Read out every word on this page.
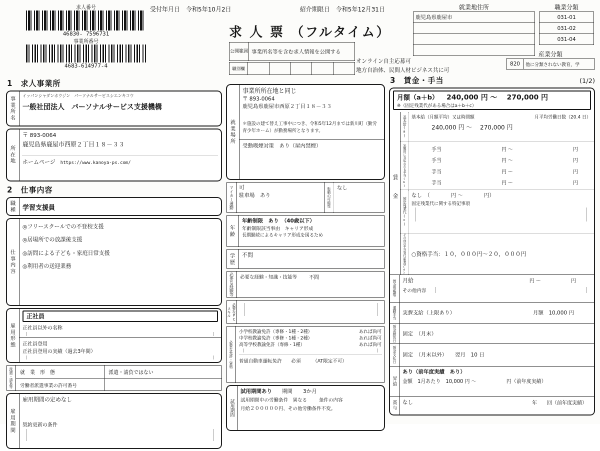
求人番号
46830- 7596731
事業所番号
4683-614977-4
受付年月日　 令和5年10月2日	紹介期限日　 令和5年12月31日
求 人 票 （フルタイム）
公開範囲 事業所名等を含む求人情報を公開する
職別欄
オンライン自主応募可
地方自治体、民間人材ビジネス共に可
就業地住所
鹿児島県鹿屋市

職業分類
031-01
031-02
031-04
産業分類
820 他に分類されない教育，学
1　求人事業所
事業所名
イッパンシャダンホウジン　パーソナルサービスシエンキコウ
一般社団法人　パーソナルサービス支援機構
所在地
〒 893-0064
鹿児島県鹿屋市西原２丁目１８－３３
ホームページ https://www.kanoya-ps.com/
2　仕事内容
職種 学習支援員
仕事内容
◎フリースクールでの不登校支援
◎居場所での放課後支援
◎訪問による子ども・家庭日常支援
◎利用者の送迎業務
雇用形態
正社員
正社員以外の名称
正社員登用
正社員登用の実績（過去3年間）
派遣・請負等 就　業　形　態	派遣・請負ではない
労働者派遣事業の許可番号
雇用期間
雇用期間の定めなし
契約更新の条件
就業場所
事業所所在地と同じ
〒 893-0064
鹿児島県鹿屋市西原２丁目１８－３３
＊施設の建て替え工事中につき、令和5年12月までは新川町（勤労青少年ホーム）が勤務場所となります。
受動喫煙対策　あり（屋内禁煙）
マイカー通勤 可
駐車場　あり	転勤の可能性 なし
年齢
年齢制限　あり　（40歳以下）
年齢制限該当事由　キャリア形成
長期勤続によるキャリア形成を図るため
学歴 不問
必要な経験等 必要な経験・知識・技能等 不問
必要なPCスキル
必要な免許・資格
小学校教諭免許（専修・1種・2種）	あれば尚可
中学校教諭免許（専修・1種・2種）	あれば尚可
高等学校教諭免許（専修・1種）	あれば尚可
普通自動車運転免許　　必須　　　（AT限定不可）
試用期間
試用期間あり 期間　　3か月
試用期間中の労働条件　異なる 条件の内容
月給２０００００円、その他労働条件不変。
3　賃金・手当	(1/2)
月額（a＋b） 240,000 円 ～　 270,000 円
※（固定残業代がある場合はa＋b＋c）
賃金
基本給(a) 基本給（月額平均）又は時間額	月平均労働日数（20.4 日）
240,000 円 ～　 270,000 円
定額的に支払われる手当(b)	手当	円 ～	円
手当	円 ～	円
手当	円 ～	円
手当	円 ～	円
固定残業代(c)
なし　（　　　　円 ～　　　　円）
固定残業代に関する特記事項
その他の手当等付記事項(d) ○資格手当：１０，０００円～２０，０００円
賃金形態等 月給	円 ～　　　　　　円
その他内容
通勤手当 実費支給（上限あり）	月額　10,000 円
賃金締切日 固定　（月末）
賃金支払日 固定　（月末以外）　　翌月　10 日
昇給
あり（前年度実績　あり）
金額　1月あたり　10,000 円 ～　　　　　　円（前年度実績）
賞与 なし	年　　回（前年度実績）
